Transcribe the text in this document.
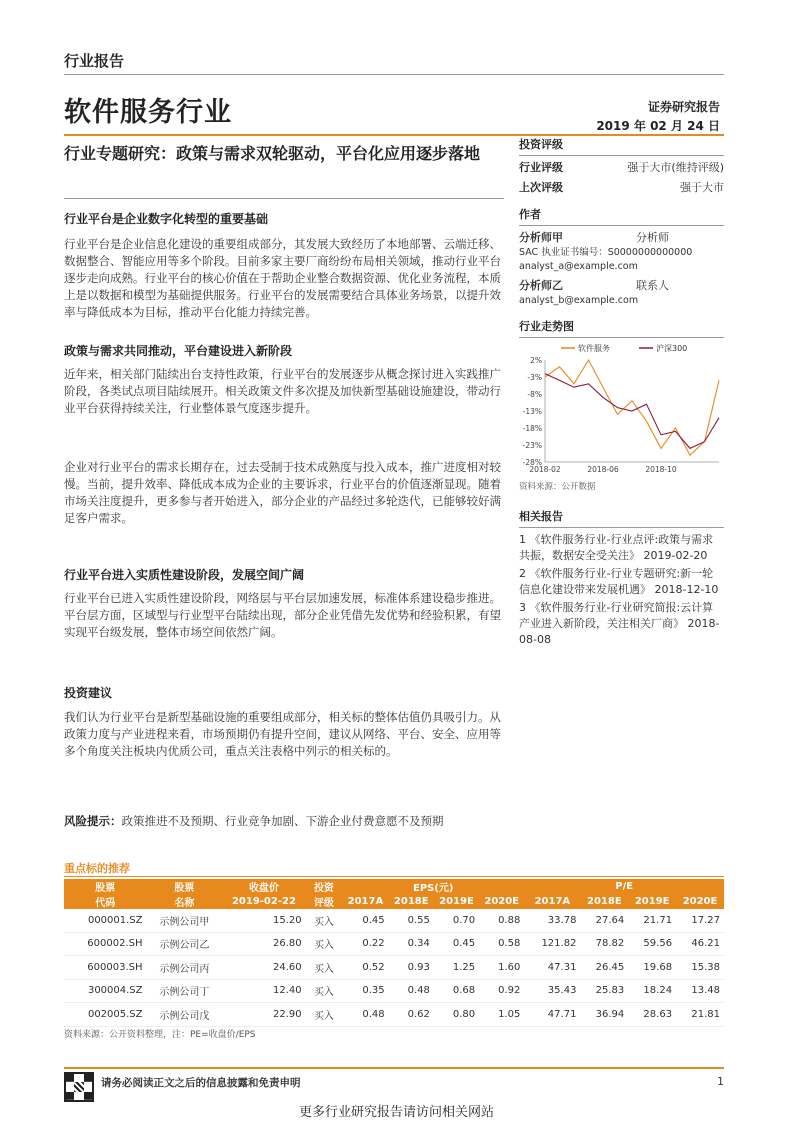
行业报告
软件服务行业	证券研究报告
2019 年 02 月 24 日
行业专题研究：政策与需求双轮驱动，平台化应用逐步落地
行业平台是企业数字化转型的重要基础
行业平台是企业信息化建设的重要组成部分，其发展大致经历了本地部署、云端迁移、数据整合、智能应用等多个阶段。目前多家主要厂商纷纷布局相关领域，推动行业平台逐步走向成熟。行业平台的核心价值在于帮助企业整合数据资源、优化业务流程，本质上是以数据和模型为基础提供服务。行业平台的发展需要结合具体业务场景，以提升效率与降低成本为目标，推动平台化能力持续完善。
政策与需求共同推动，平台建设进入新阶段
近年来，相关部门陆续出台支持性政策，行业平台的发展逐步从概念探讨进入实践推广阶段，各类试点项目陆续展开。相关政策文件多次提及加快新型基础设施建设，带动行业平台获得持续关注，行业整体景气度逐步提升。
企业对行业平台的需求长期存在，过去受制于技术成熟度与投入成本，推广进度相对较慢。当前，提升效率、降低成本成为企业的主要诉求，行业平台的价值逐渐显现。随着市场关注度提升，更多参与者开始进入，部分企业的产品经过多轮迭代，已能够较好满足客户需求。
行业平台进入实质性建设阶段，发展空间广阔
行业平台已进入实质性建设阶段，网络层与平台层加速发展，标准体系建设稳步推进。平台层方面，区域型与行业型平台陆续出现，部分企业凭借先发优势和经验积累，有望实现平台级发展，整体市场空间依然广阔。
投资建议
我们认为行业平台是新型基础设施的重要组成部分，相关标的整体估值仍具吸引力。从政策力度与产业进程来看，市场预期仍有提升空间，建议从网络、平台、安全、应用等多个角度关注板块内优质公司，重点关注表格中列示的相关标的。
风险提示：政策推进不及预期、行业竞争加剧、下游企业付费意愿不及预期
投资评级
行业评级	强于大市(维持评级)
上次评级	强于大市
作者
分析师甲	分析师
SAC 执业证书编号：S0000000000000
analyst_a@example.com
分析师乙	联系人
analyst_b@example.com
行业走势图
2%
-3%
-8%
-13%
-18%
-23%
-28%
2018-02	2018-06	2018-10
软件服务	沪深300
资料来源：公开数据
相关报告
1 《软件服务行业-行业点评:政策与需求共振，数据安全受关注》 2019-02-20
2 《软件服务行业-行业专题研究:新一轮信息化建设带来发展机遇》 2018-12-10
3 《软件服务行业-行业研究简报:云计算产业进入新阶段，关注相关厂商》 2018-08-08
重点标的推荐
股票	股票	收盘价	投资	EPS(元)				P/E			
代码	名称	2019-02-22	评级	2017A	2018E	2019E	2020E	2017A	2018E	2019E	2020E
000001.SZ	示例公司甲	15.20	买入	0.45	0.55	0.70	0.88	33.78	27.64	21.71	17.27
600002.SH	示例公司乙	26.80	买入	0.22	0.34	0.45	0.58	121.82	78.82	59.56	46.21
600003.SH	示例公司丙	24.60	买入	0.52	0.93	1.25	1.60	47.31	26.45	19.68	15.38
300004.SZ	示例公司丁	12.40	买入	0.35	0.48	0.68	0.92	35.43	25.83	18.24	13.48
002005.SZ	示例公司戊	22.90	买入	0.48	0.62	0.80	1.05	47.71	36.94	28.63	21.81
资料来源：公开资料整理，注：PE=收盘价/EPS
请务必阅读正文之后的信息披露和免责申明	1
更多行业研究报告请访问相关网站
